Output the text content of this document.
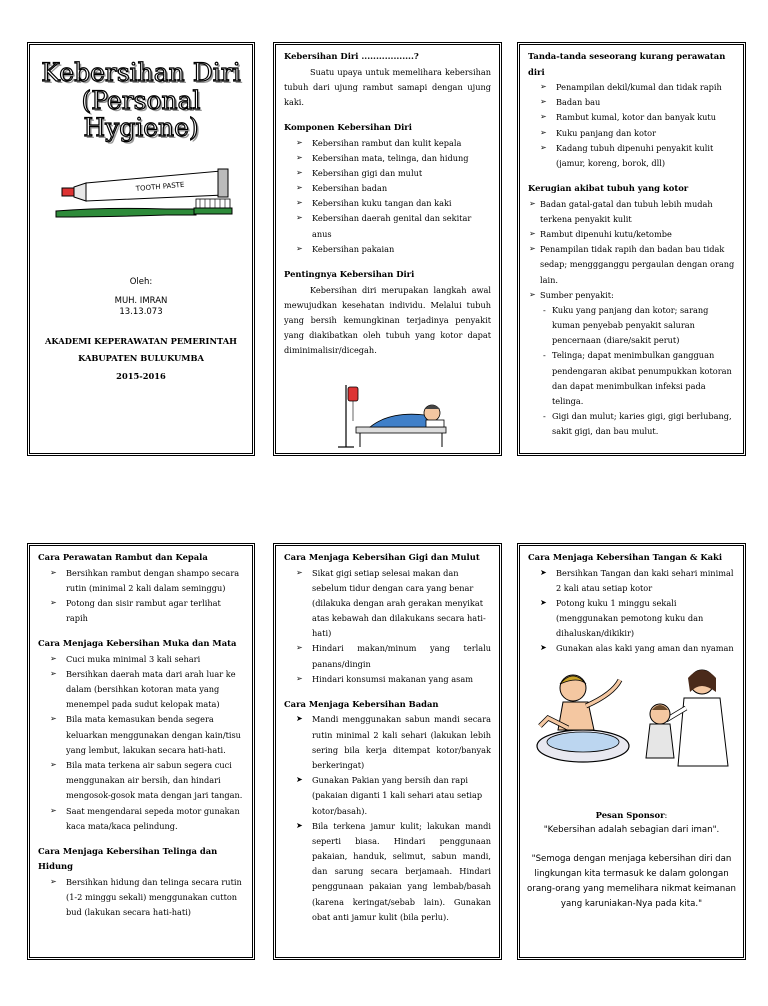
Kebersihan Diri
(Personal Hygiene)
TOOTH PASTE
Oleh:
MUH. IMRAN
13.13.073
AKADEMI KEPERAWATAN PEMERINTAH
KABUPATEN BULUKUMBA
2015-2016

Kebersihan Diri ..................?

Suatu upaya untuk memelihara kebersihan tubuh dari ujung rambut samapi dengan ujung kaki.

Komponen Kebersihan Diri

➢ Kebersihan rambut dan kulit kepala
➢ Kebersihan mata, telinga, dan hidung
➢ Kebersihan gigi dan mulut
➢ Kebersihan badan
➢ Kebersihan kuku tangan dan kaki
➢ Kebersihan daerah genital dan sekitar anus
➢ Kebersihan pakaian

Pentingnya Kebersihan Diri

Kebersihan diri merupakan langkah awal mewujudkan kesehatan individu. Melalui tubuh yang bersih kemungkinan terjadinya penyakit yang diakibatkan oleh tubuh yang kotor dapat diminimalisir/dicegah.

Tanda-tanda seseorang kurang perawatan diri

➢ Penampilan dekil/kumal dan tidak rapih
➢ Badan bau
➢ Rambut kumal, kotor dan banyak kutu
➢ Kuku panjang dan kotor
➢ Kadang tubuh dipenuhi penyakit kulit (jamur, koreng, borok, dll)

Kerugian akibat tubuh yang kotor

➢ Badan gatal-gatal dan tubuh lebih mudah terkena penyakit kulit
➢ Rambut dipenuhi kutu/ketombe
➢ Penampilan tidak rapih dan badan bau tidak sedap; menggganggu pergaulan dengan orang lain.
➢ Sumber penyakit:
- Kuku yang panjang dan kotor; sarang kuman penyebab penyakit saluran pencernaan (diare/sakit perut)
- Telinga; dapat menimbulkan gangguan pendengaran akibat penumpukkan kotoran dan dapat menimbulkan infeksi pada telinga.
- Gigi dan mulut; karies gigi, gigi berlubang, sakit gigi, dan bau mulut.

Cara Perawatan Rambut dan Kepala

➢ Bersihkan rambut dengan shampo secara rutin (minimal 2 kali dalam seminggu)
➢ Potong dan sisir rambut agar terlihat rapih

Cara Menjaga Kebersihan Muka dan Mata

➢ Cuci muka minimal 3 kali sehari
➢ Bersihkan daerah mata dari arah luar ke dalam (bersihkan kotoran mata yang menempel pada sudut kelopak mata)
➢ Bila mata kemasukan benda segera keluarkan menggunakan dengan kain/tisu yang lembut, lakukan secara hati-hati.
➢ Bila mata terkena air sabun segera cuci menggunakan air bersih, dan hindari mengosok-gosok mata dengan jari tangan.
➢ Saat mengendarai sepeda motor gunakan kaca mata/kaca pelindung.

Cara Menjaga Kebersihan Telinga dan Hidung

➢ Bersihkan hidung dan telinga secara rutin (1-2 minggu sekali) menggunakan cutton bud (lakukan secara hati-hati)

Cara Menjaga Kebersihan Gigi dan Mulut

➢ Sikat gigi setiap selesai makan dan sebelum tidur dengan cara yang benar (dilakuka dengan arah gerakan menyikat atas kebawah dan dilakukans secara hati-hati)
➢ Hindari makan/minum yang terlalu panans/dingin
➢ Hindari konsumsi makanan yang asam

Cara Menjaga Kebersihan Badan

➤ Mandi menggunakan sabun mandi secara rutin minimal 2 kali sehari (lakukan lebih sering bila kerja ditempat kotor/banyak berkeringat)
➤ Gunakan Pakian yang bersih dan rapi (pakaian diganti 1 kali sehari atau setiap kotor/basah).
➤ Bila terkena jamur kulit; lakukan mandi seperti biasa. Hindari penggunaan pakaian, handuk, selimut, sabun mandi, dan sarung secara berjamaah. Hindari penggunaan pakaian yang lembab/basah (karena keringat/sebab lain). Gunakan obat anti jamur kulit (bila perlu).

Cara Menjaga Kebersihan Tangan & Kaki

➤ Bersihkan Tangan dan kaki sehari minimal 2 kali atau setiap kotor
➤ Potong kuku 1 minggu sekali (menggunakan pemotong kuku dan dihaluskan/dikikir)
➤ Gunakan alas kaki yang aman dan nyaman
Pesan Sponsor:
"Kebersihan adalah sebagian dari iman".
"Semoga dengan menjaga kebersihan diri dan lingkungan kita termasuk ke dalam golongan orang-orang yang memelihara nikmat keimanan yang karuniakan-Nya pada kita."
